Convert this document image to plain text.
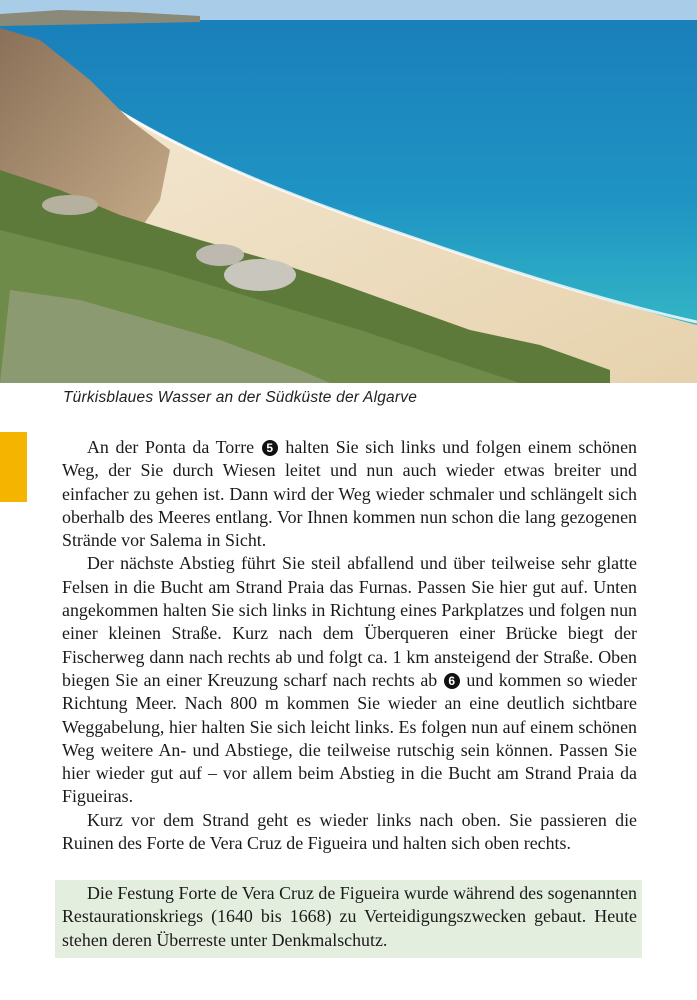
Türkisblaues Wasser an der Südküste der Algarve

An der Ponta da Torre 5 halten Sie sich links und folgen einem schönen Weg, der Sie durch Wiesen leitet und nun auch wieder etwas breiter und einfacher zu gehen ist. Dann wird der Weg wieder schmaler und schlängelt sich oberhalb des Meeres entlang. Vor Ihnen kommen nun schon die lang gezogenen Strände vor Salema in Sicht.

Der nächste Abstieg führt Sie steil abfallend und über teilweise sehr glatte Felsen in die Bucht am Strand Praia das Furnas. Passen Sie hier gut auf. Unten angekommen halten Sie sich links in Richtung eines Parkplatzes und folgen nun einer kleinen Straße. Kurz nach dem Überqueren einer Brücke biegt der Fischerweg dann nach rechts ab und folgt ca. 1 km ansteigend der Straße. Oben biegen Sie an einer Kreuzung scharf nach rechts ab 6 und kommen so wieder Richtung Meer. Nach 800 m kommen Sie wieder an eine deutlich sichtbare Weggabelung, hier halten Sie sich leicht links. Es folgen nun auf einem schönen Weg weitere An- und Abstiege, die teilweise rutschig sein können. Passen Sie hier wieder gut auf – vor allem beim Abstieg in die Bucht am Strand Praia da Figueiras.

Kurz vor dem Strand geht es wieder links nach oben. Sie passieren die Ruinen des Forte de Vera Cruz de Figueira und halten sich oben rechts.

Die Festung Forte de Vera Cruz de Figueira wurde während des sogenannten Restaurationskriegs (1640 bis 1668) zu Verteidigungszwecken gebaut. Heute stehen deren Überreste unter Denkmalschutz.
